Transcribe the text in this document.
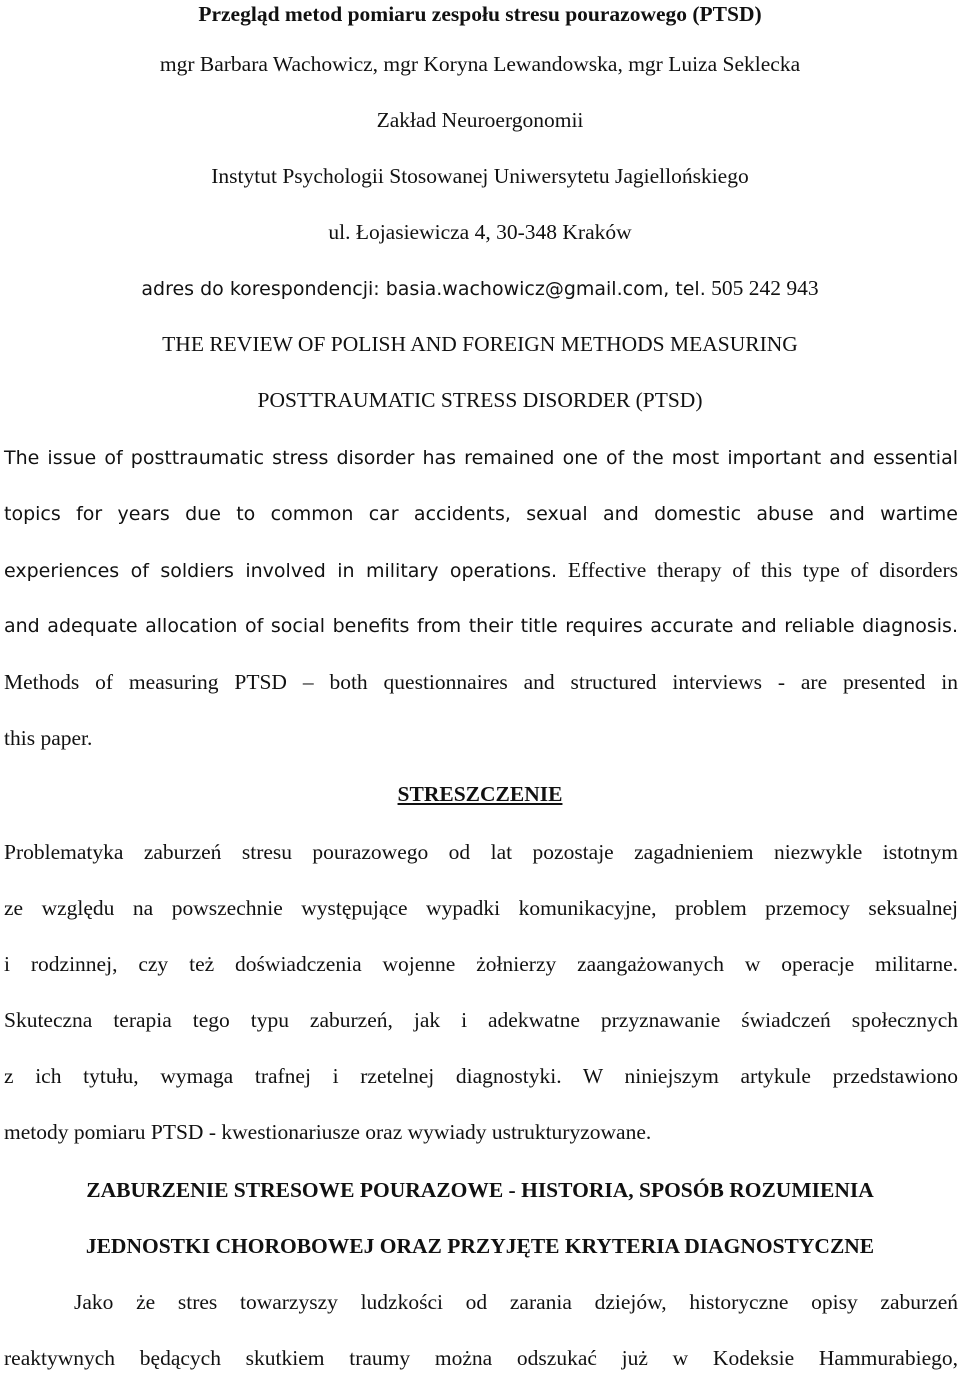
Przegląd metod pomiaru zespołu stresu pourazowego (PTSD)
mgr Barbara Wachowicz, mgr Koryna Lewandowska, mgr Luiza Seklecka
Zakład Neuroergonomii
Instytut Psychologii Stosowanej Uniwersytetu Jagiellońskiego
ul. Łojasiewicza 4, 30-348 Kraków
adres do korespondencji: basia.wachowicz@gmail.com, tel. 505 242 943
THE REVIEW OF POLISH AND FOREIGN METHODS MEASURING
POSTTRAUMATIC STRESS DISORDER (PTSD)
The issue of posttraumatic stress disorder has remained one of the most important and essential
topics for years due to common car accidents, sexual and domestic abuse and wartime
experiences of soldiers involved in military operations. Effective therapy of this type of disorders
and adequate allocation of social benefits from their title requires accurate and reliable diagnosis.
Methods of measuring PTSD – both questionnaires and structured interviews - are presented in
this paper.
STRESZCZENIE
Problematyka zaburzeń stresu pourazowego od lat pozostaje zagadnieniem niezwykle istotnym
ze względu na powszechnie występujące wypadki komunikacyjne, problem przemocy seksualnej
i rodzinnej, czy też doświadczenia wojenne żołnierzy zaangażowanych w operacje militarne.
Skuteczna terapia tego typu zaburzeń, jak i adekwatne przyznawanie świadczeń społecznych
z ich tytułu, wymaga trafnej i rzetelnej diagnostyki. W niniejszym artykule przedstawiono
metody pomiaru PTSD - kwestionariusze oraz wywiady ustrukturyzowane.
ZABURZENIE STRESOWE POURAZOWE - HISTORIA, SPOSÓB ROZUMIENIA
JEDNOSTKI CHOROBOWEJ ORAZ PRZYJĘTE KRYTERIA DIAGNOSTYCZNE
Jako że stres towarzyszy ludzkości od zarania dziejów, historyczne opisy zaburzeń
reaktywnych będących skutkiem traumy można odszukać już w Kodeksie Hammurabiego,
